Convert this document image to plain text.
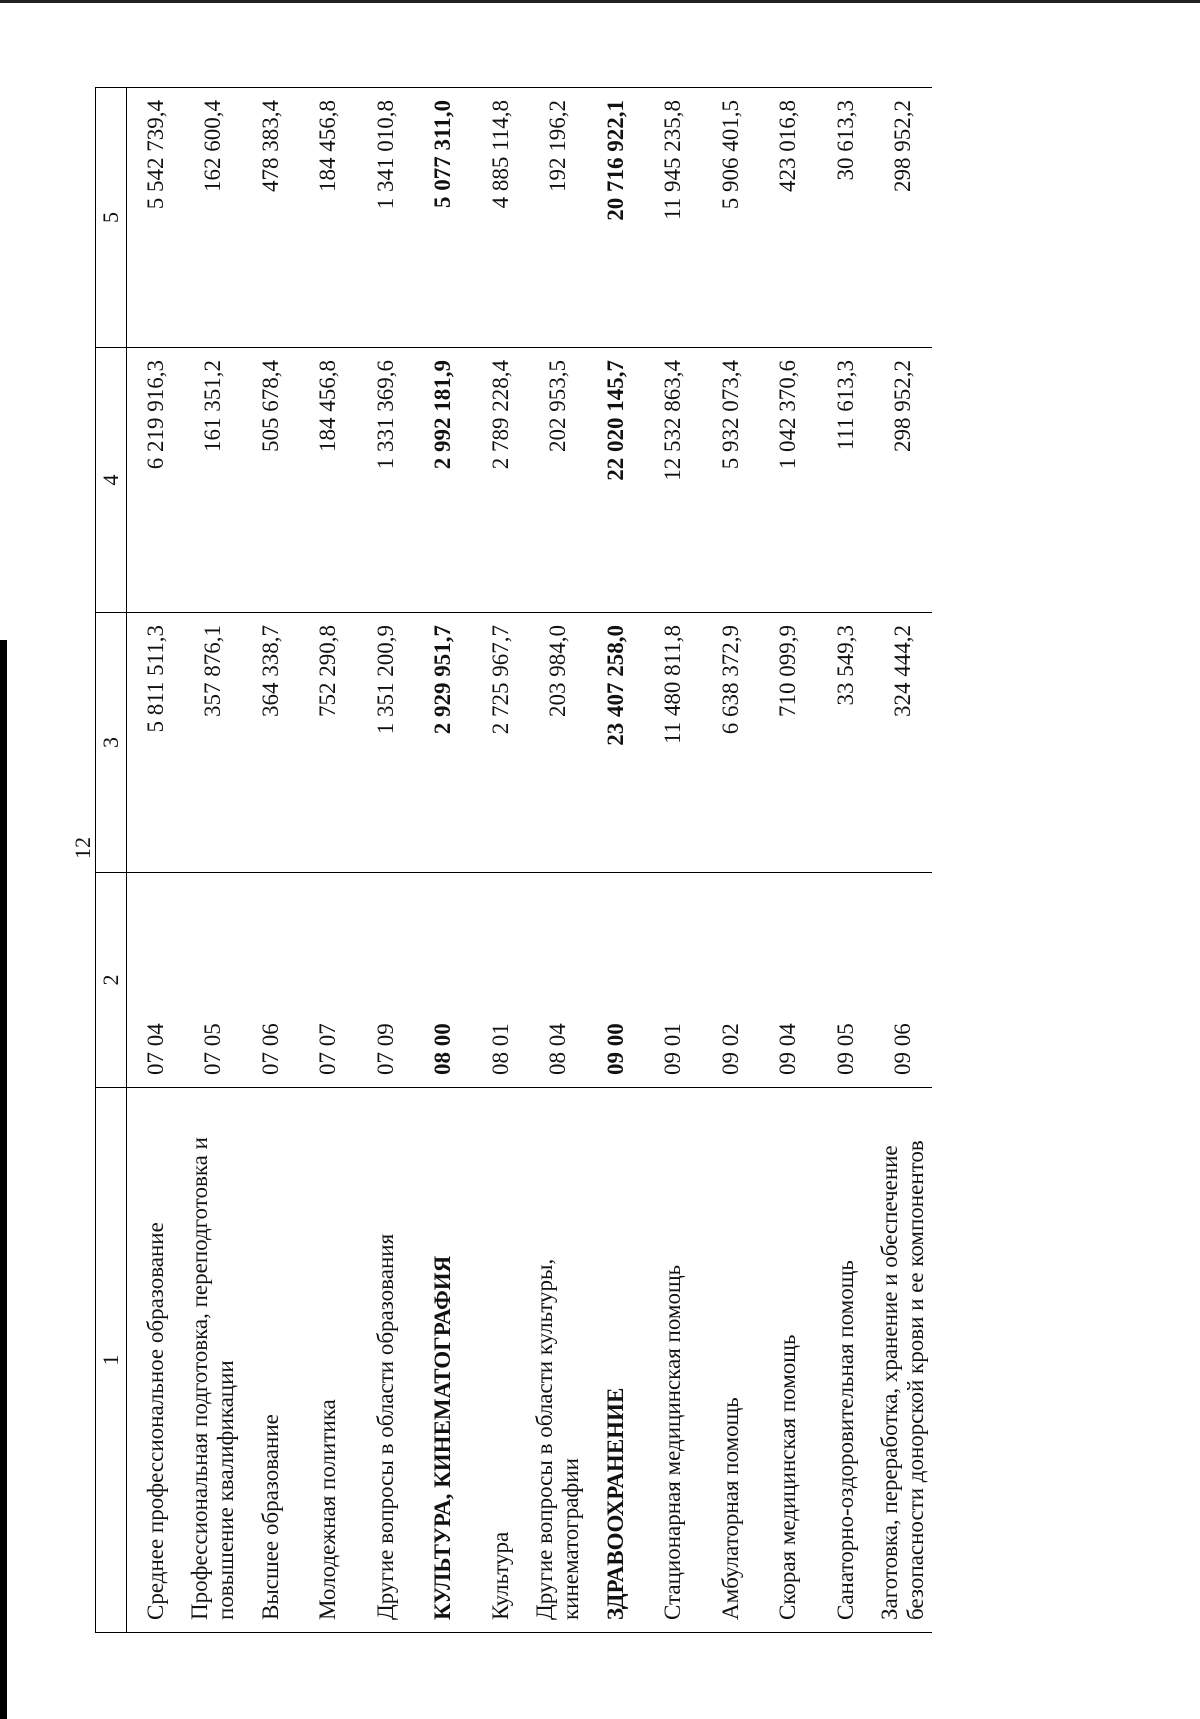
12
1	2	3	4	5
Среднее профессиональное образование	07 04	5 811 511,3	6 219 916,3	5 542 739,4
Профессиональная подготовка, переподготовка и повышение квалификации	07 05	357 876,1	161 351,2	162 600,4
Высшее образование	07 06	364 338,7	505 678,4	478 383,4
Молодежная политика	07 07	752 290,8	184 456,8	184 456,8
Другие вопросы в области образования	07 09	1 351 200,9	1 331 369,6	1 341 010,8
КУЛЬТУРА, КИНЕМАТОГРАФИЯ	08 00	2 929 951,7	2 992 181,9	5 077 311,0
Культура	08 01	2 725 967,7	2 789 228,4	4 885 114,8
Другие вопросы в области культуры, кинематографии	08 04	203 984,0	202 953,5	192 196,2
ЗДРАВООХРАНЕНИЕ	09 00	23 407 258,0	22 020 145,7	20 716 922,1
Стационарная медицинская помощь	09 01	11 480 811,8	12 532 863,4	11 945 235,8
Амбулаторная помощь	09 02	6 638 372,9	5 932 073,4	5 906 401,5
Скорая медицинская помощь	09 04	710 099,9	1 042 370,6	423 016,8
Санаторно-оздоровительная помощь	09 05	33 549,3	111 613,3	30 613,3
Заготовка, переработка, хранение и обеспечение безопасности донорской крови и ее компонентов	09 06	324 444,2	298 952,2	298 952,2
